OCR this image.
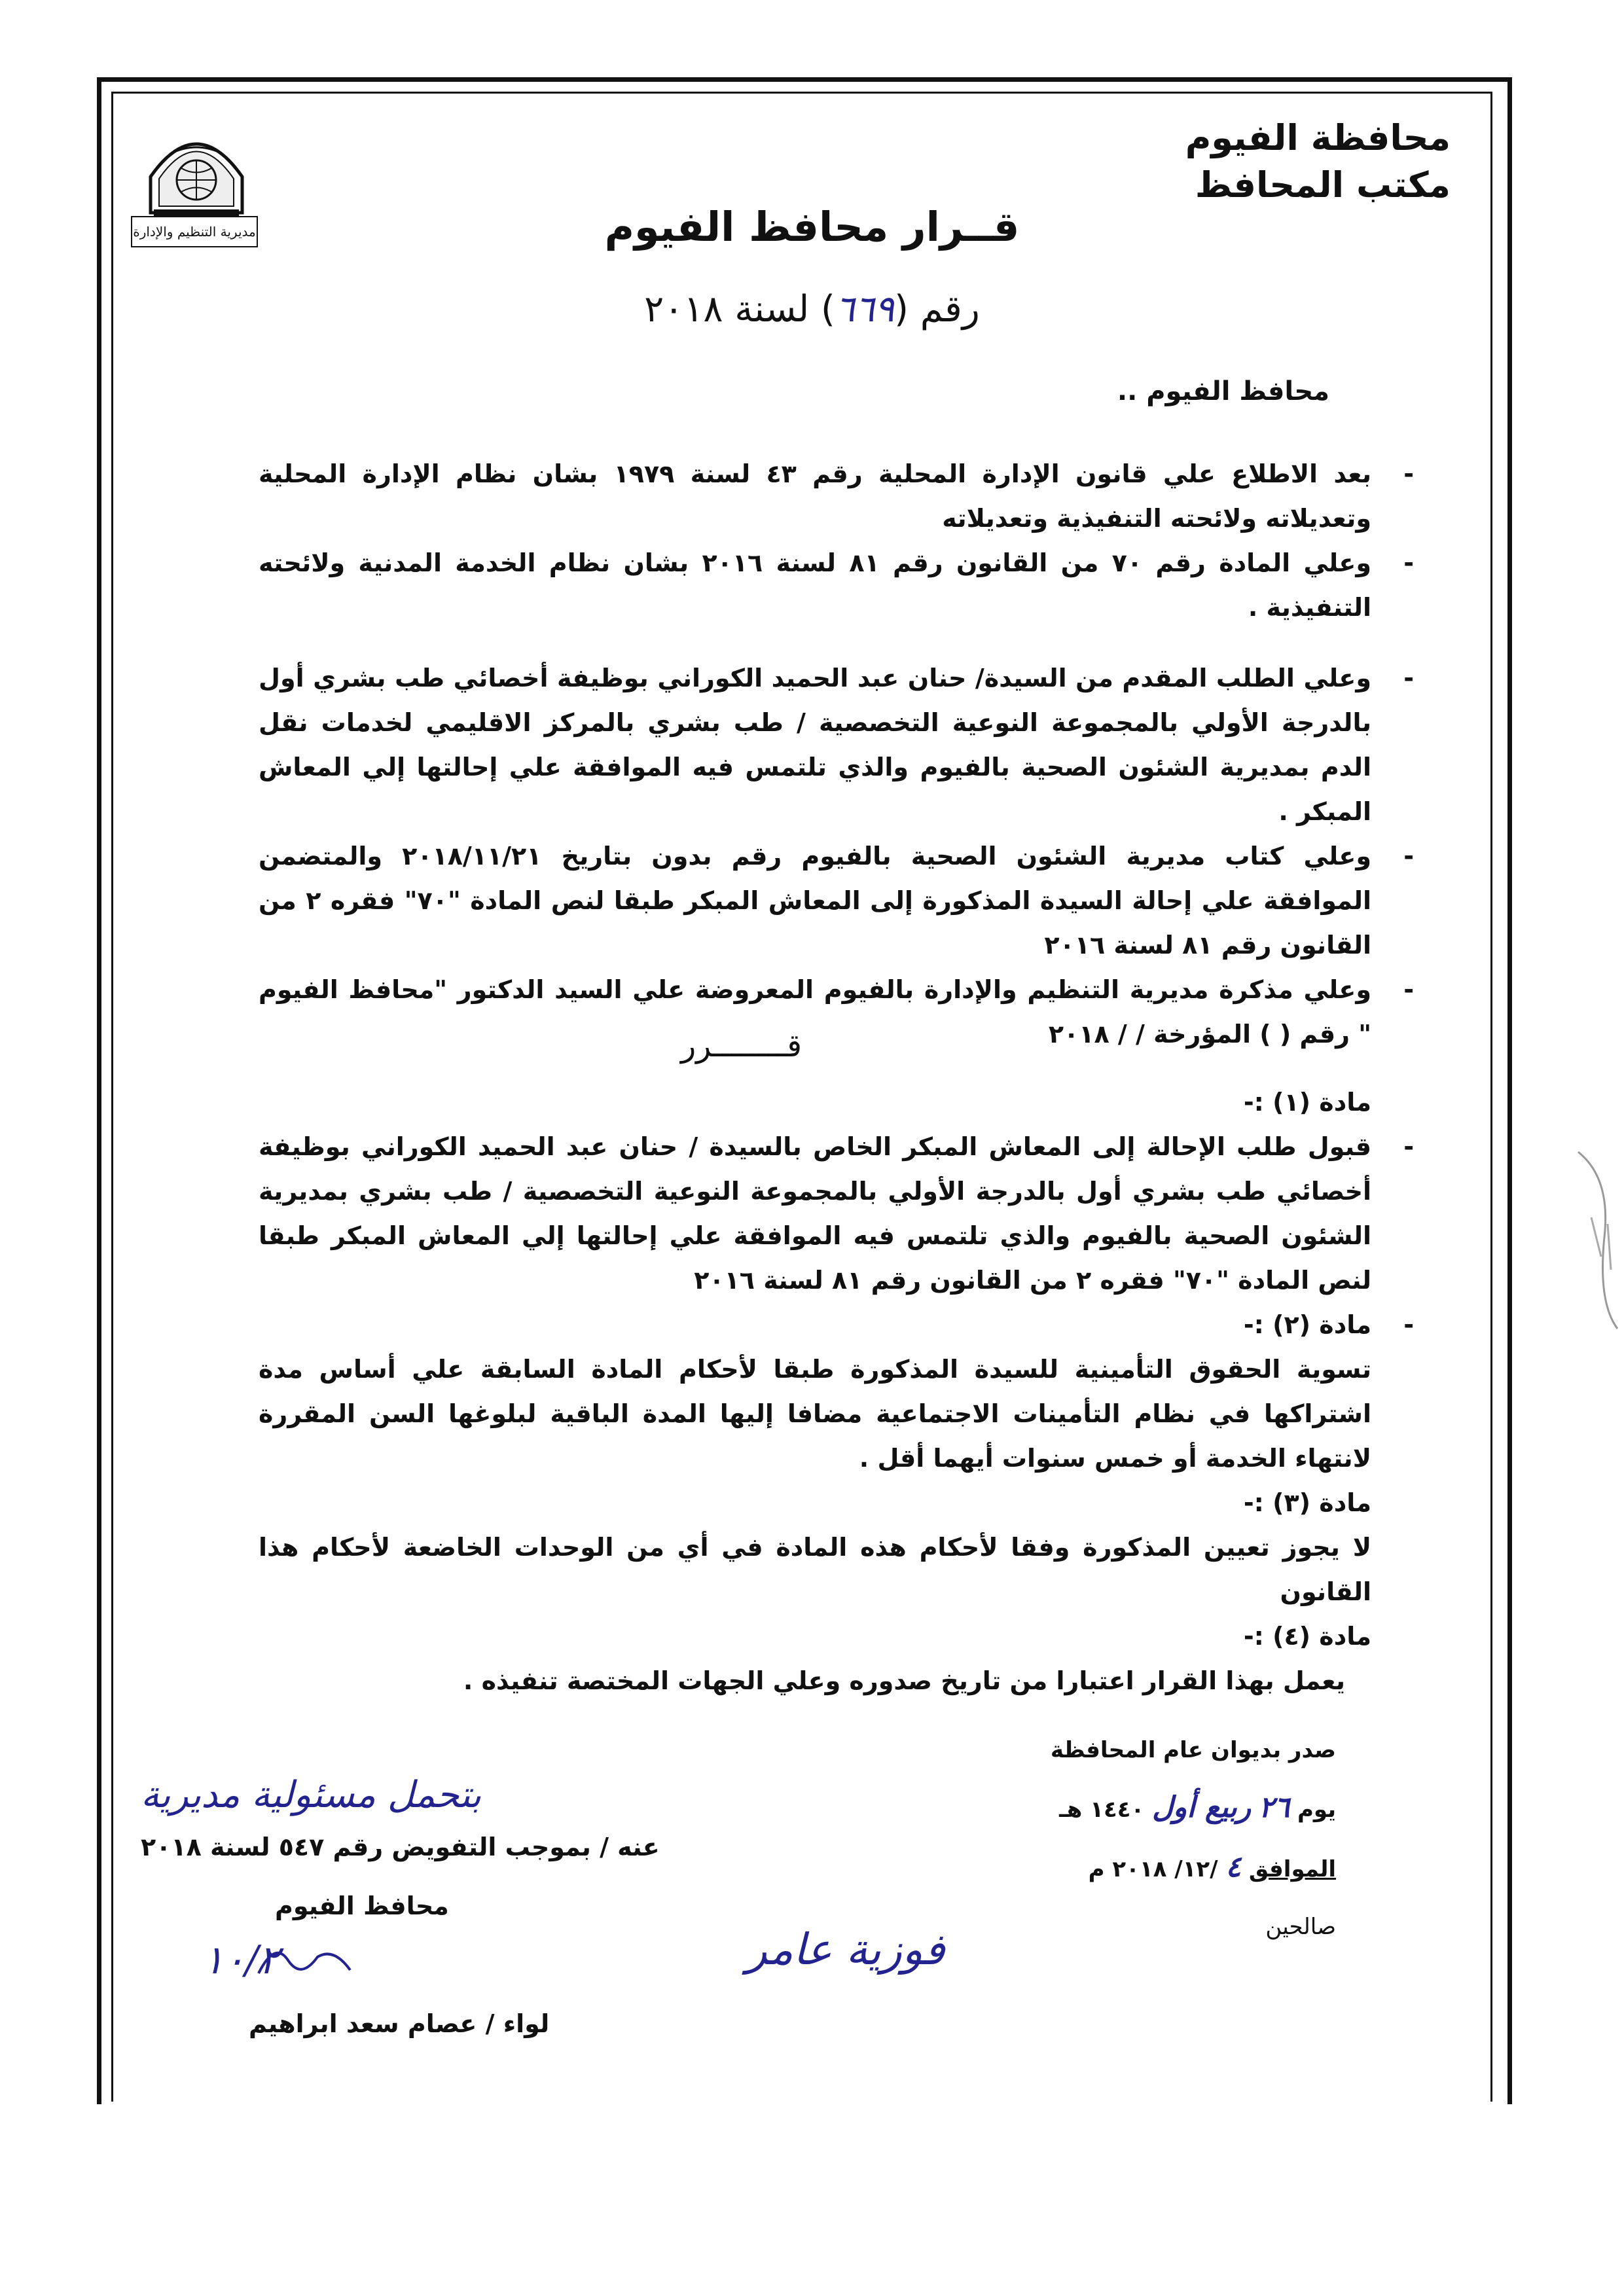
محافظة الفيوم
مكتب المحافظ
مديرية التنظيم والإدارة	قــرار محافظ الفيوم
رقم (٦٦٩) لسنة ٢٠١٨
محافظ الفيوم ..
-
بعد الاطلاع علي قانون الإدارة المحلية رقم ٤٣ لسنة ١٩٧٩ بشان نظام الإدارة المحلية وتعديلاته ولائحته التنفيذية وتعديلاته
-
وعلي المادة رقم ٧٠ من القانون رقم ٨١ لسنة ٢٠١٦ بشان نظام الخدمة المدنية ولائحته التنفيذية .
-
وعلي الطلب المقدم من السيدة/ حنان عبد الحميد الكوراني بوظيفة أخصائي طب بشري أول بالدرجة الأولي بالمجموعة النوعية التخصصية / طب بشري بالمركز الاقليمي لخدمات نقل الدم بمديرية الشئون الصحية بالفيوم والذي تلتمس فيه الموافقة علي إحالتها إلي المعاش المبكر .
-
وعلي كتاب مديرية الشئون الصحية بالفيوم رقم بدون بتاريخ ٢٠١٨/١١/٢١ والمتضمن الموافقة علي إحالة السيدة المذكورة إلى المعاش المبكر طبقا لنص المادة "٧٠" فقره ٢ من القانون رقم ٨١ لسنة ٢٠١٦
-
وعلي مذكرة مديرية التنظيم والإدارة بالفيوم المعروضة علي السيد الدكتور "محافظ الفيوم " رقم ( ) المؤرخة / / ٢٠١٨
قــــــــرر
مادة (١) :-
-
قبول طلب الإحالة إلى المعاش المبكر الخاص بالسيدة / حنان عبد الحميد الكوراني بوظيفة أخصائي طب بشري أول بالدرجة الأولي بالمجموعة النوعية التخصصية / طب بشري بمديرية الشئون الصحية بالفيوم والذي تلتمس فيه الموافقة علي إحالتها إلي المعاش المبكر طبقا لنص المادة "٧٠" فقره ٢ من القانون رقم ٨١ لسنة ٢٠١٦
-
مادة (٢) :-
تسوية الحقوق التأمينية للسيدة المذكورة طبقا لأحكام المادة السابقة علي أساس مدة اشتراكها في نظام التأمينات الاجتماعية مضافا إليها المدة الباقية لبلوغها السن المقررة لانتهاء الخدمة أو خمس سنوات أيهما أقل .
مادة (٣) :-
لا يجوز تعيين المذكورة وفقا لأحكام هذه المادة في أي من الوحدات الخاضعة لأحكام هذا القانون
مادة (٤) :-
يعمل بهذا القرار اعتبارا من تاريخ صدوره وعلي الجهات المختصة تنفيذه .
صدر بديوان عام المحافظة
يوم ٢٦ ربيع أول ١٤٤٠ هـ
الموافق ٤ /١٢/ ٢٠١٨ م
صالحين
بتحمل مسئولية مديرية
عنه / بموجب التفويض رقم ٥٤٧ لسنة ٢٠١٨
محافظ الفيوم
١٠/٢
لواء / عصام سعد ابراهيم
فوزية عامر
